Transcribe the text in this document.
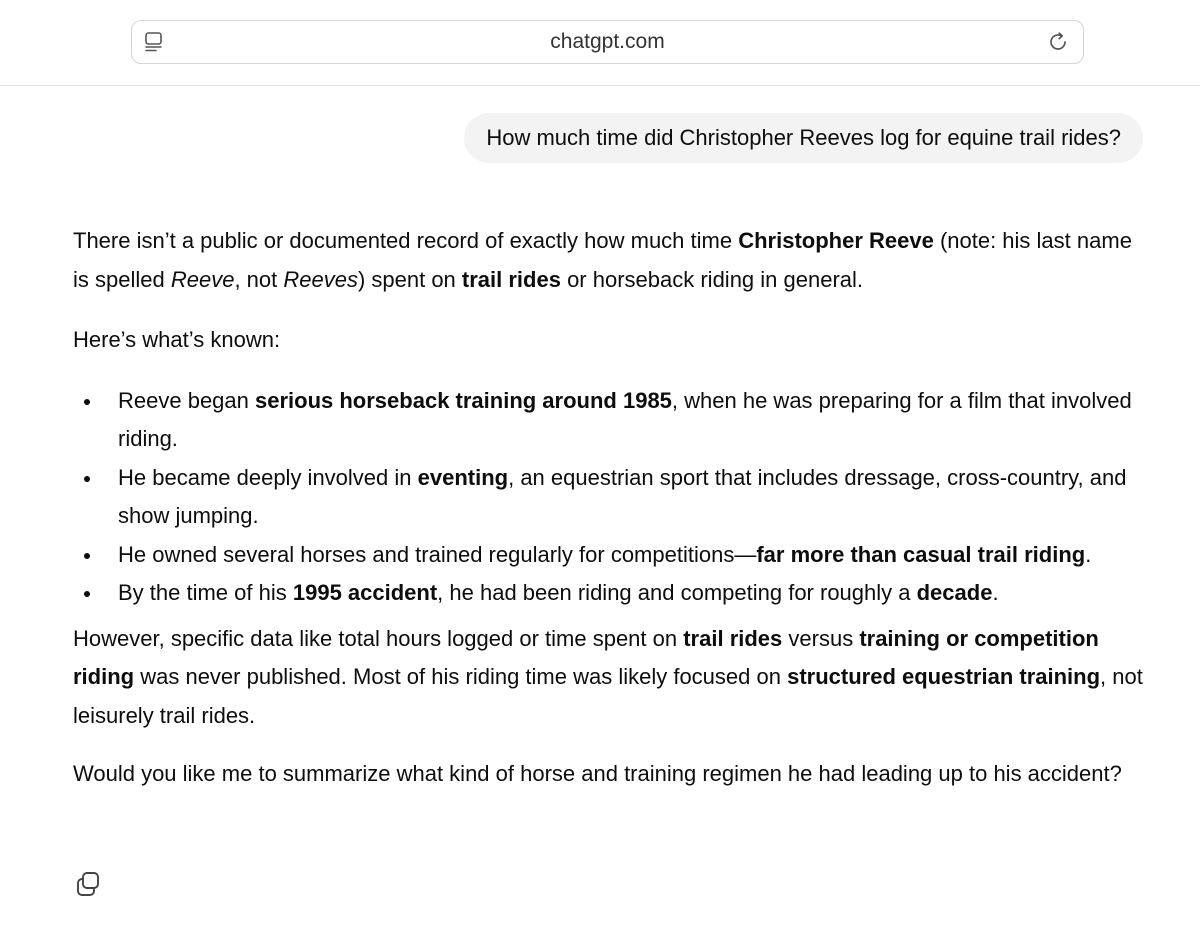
chatgpt.com
How much time did Christopher Reeves log for equine trail rides?

There isn’t a public or documented record of exactly how much time Christopher Reeve (note: his last name is spelled Reeve, not Reeves) spent on trail rides or horseback riding in general.

Here’s what’s known:

Reeve began serious horseback training around 1985, when he was preparing for a film that involved riding.
He became deeply involved in eventing, an equestrian sport that includes dressage, cross-country, and show jumping.
He owned several horses and trained regularly for competitions—far more than casual trail riding.
By the time of his 1995 accident, he had been riding and competing for roughly a decade.

However, specific data like total hours logged or time spent on trail rides versus training or competition riding was never published. Most of his riding time was likely focused on structured equestrian training, not leisurely trail rides.

Would you like me to summarize what kind of horse and training regimen he had leading up to his accident?
